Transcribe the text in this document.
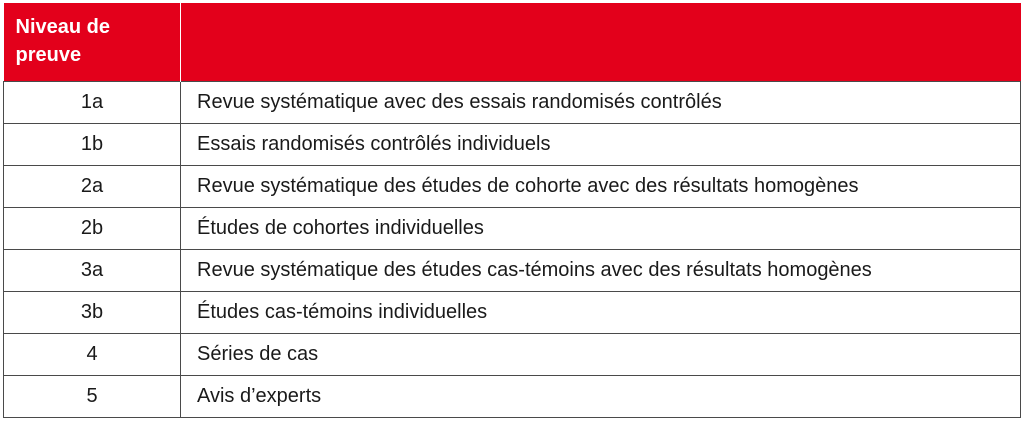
Niveau de preuve	
1a	Revue systématique avec des essais randomisés contrôlés
1b	Essais randomisés contrôlés individuels
2a	Revue systématique des études de cohorte avec des résultats homogènes
2b	Études de cohortes individuelles
3a	Revue systématique des études cas-témoins avec des résultats homogènes
3b	Études cas-témoins individuelles
4	Séries de cas
5	Avis d’experts
